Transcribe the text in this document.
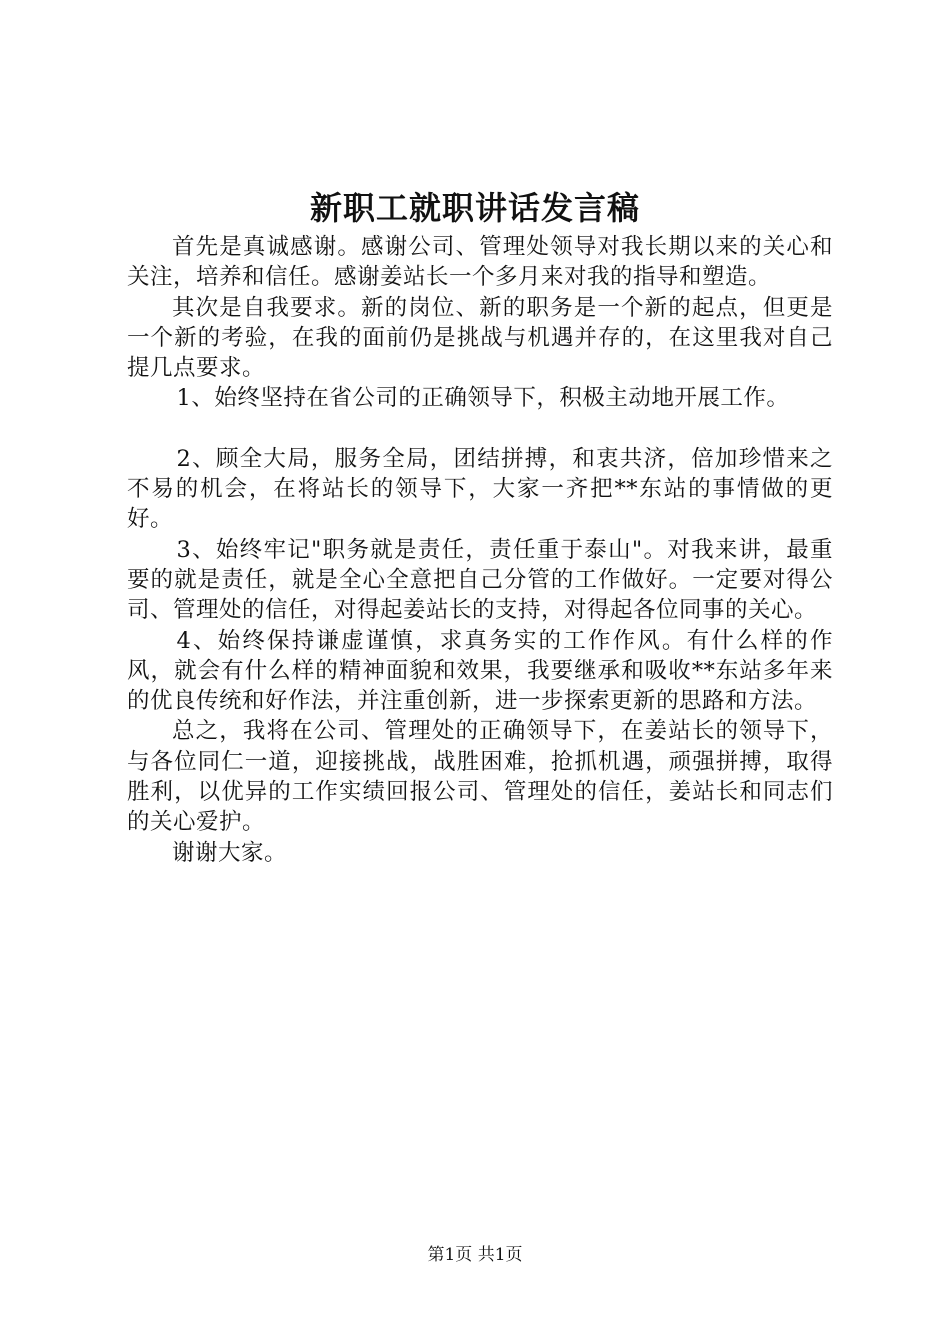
新职工就职讲话发言稿

首先是真诚感谢。感谢公司、管理处领导对我长期以来的关心和关注，培养和信任。感谢姜站长一个多月来对我的指导和塑造。

其次是自我要求。新的岗位、新的职务是一个新的起点，但更是一个新的考验，在我的面前仍是挑战与机遇并存的，在这里我对自己提几点要求。

1、始终坚持在省公司的正确领导下，积极主动地开展工作。

2、顾全大局，服务全局，团结拼搏，和衷共济，倍加珍惜来之不易的机会，在将站长的领导下，大家一齐把**东站的事情做的更好。

3、始终牢记"职务就是责任，责任重于泰山"。对我来讲，最重要的就是责任，就是全心全意把自己分管的工作做好。一定要对得公司、管理处的信任，对得起姜站长的支持，对得起各位同事的关心。

4、始终保持谦虚谨慎，求真务实的工作作风。有什么样的作风，就会有什么样的精神面貌和效果，我要继承和吸收**东站多年来的优良传统和好作法，并注重创新，进一步探索更新的思路和方法。

总之，我将在公司、管理处的正确领导下，在姜站长的领导下，与各位同仁一道，迎接挑战，战胜困难，抢抓机遇，顽强拼搏，取得胜利，以优异的工作实绩回报公司、管理处的信任，姜站长和同志们的关心爱护。

谢谢大家。

第1页 共1页
